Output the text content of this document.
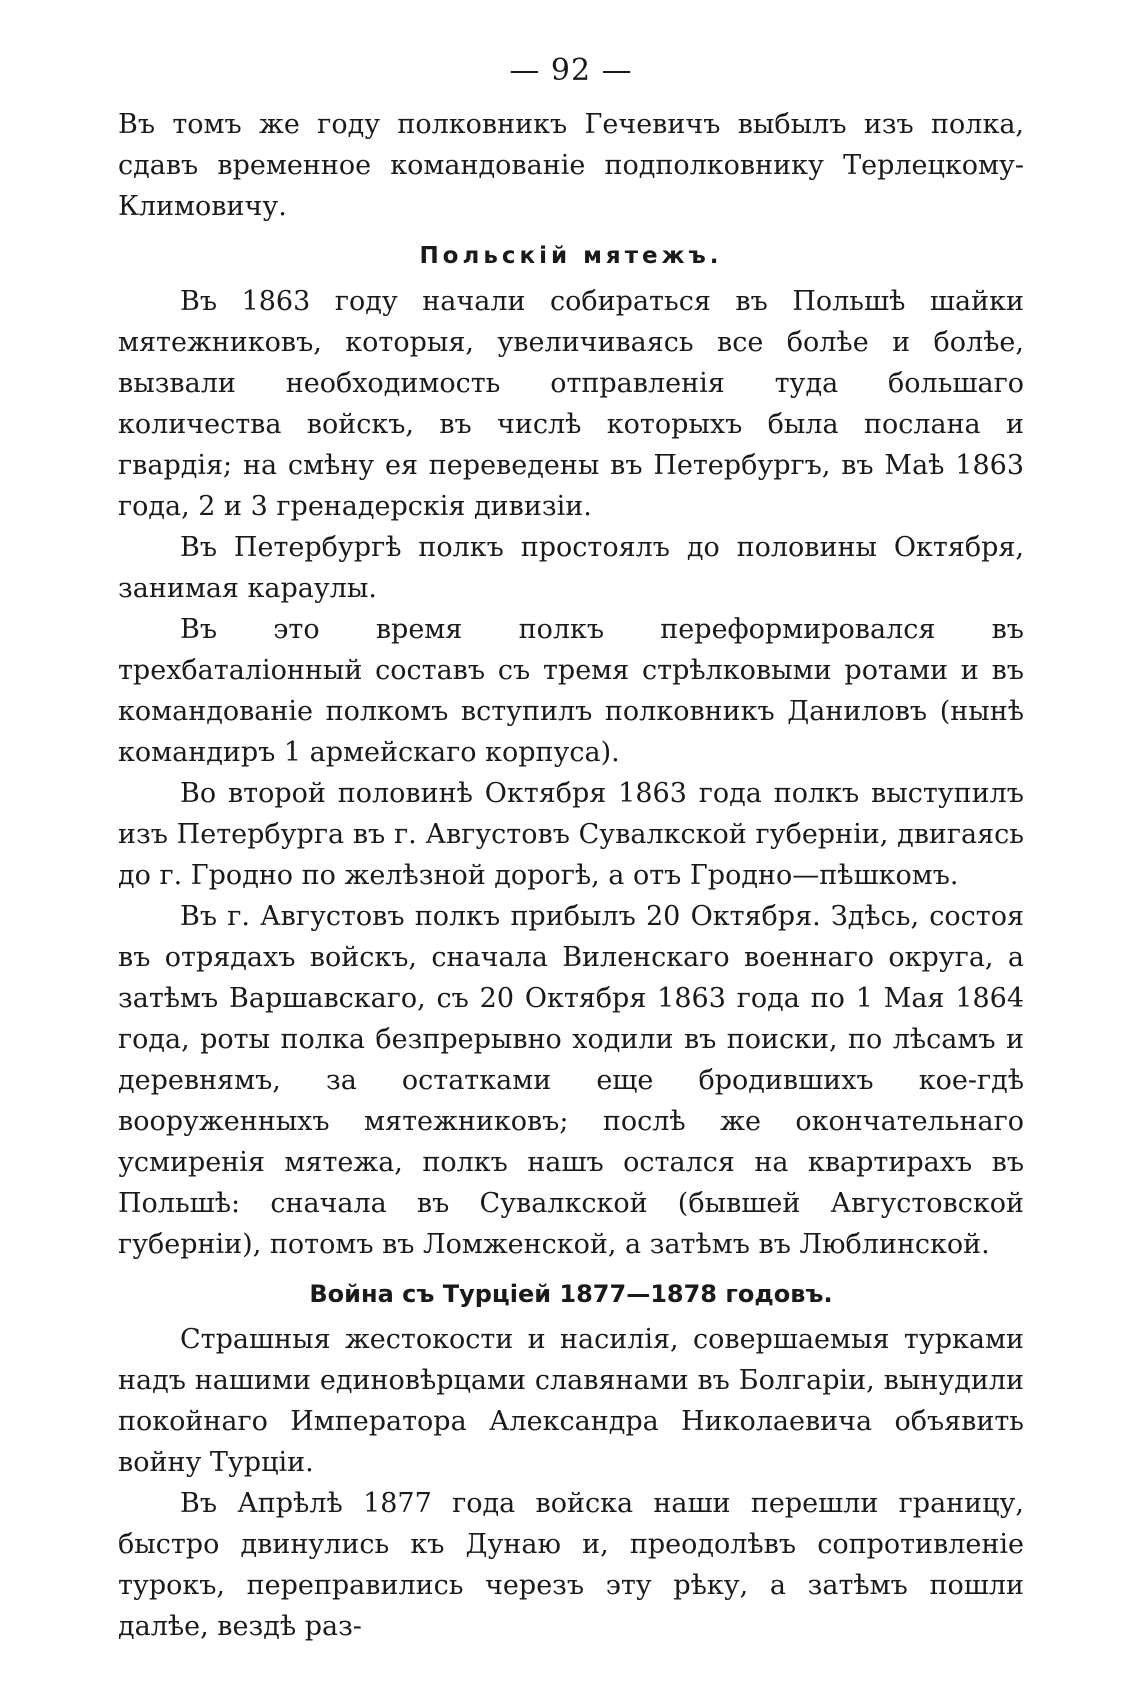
— 92 —

Въ томъ же году полковникъ Гечевичъ выбылъ изъ полка, сдавъ временное командованіе подполковнику Терлецкому-Климовичу.

Польскій мятежъ.

Въ 1863 году начали собираться въ Польшѣ шайки мятежниковъ, которыя, увеличиваясь все болѣе и болѣе, вызвали необходимость отправленія туда большаго количества войскъ, въ числѣ которыхъ была послана и гвардія; на смѣну ея переведены въ Петербургъ, въ Маѣ 1863 года, 2 и 3 гренадерскія дивизіи.

Въ Петербургѣ полкъ простоялъ до половины Октября, занимая караулы.

Въ это время полкъ переформировался въ трехбаталіонный составъ съ тремя стрѣлковыми ротами и въ командованіе полкомъ вступилъ полковникъ Даниловъ (нынѣ командиръ 1 армейскаго корпуса).

Во второй половинѣ Октября 1863 года полкъ выступилъ изъ Петербурга въ г. Августовъ Сувалкской губерніи, двигаясь до г. Гродно по желѣзной дорогѣ, а отъ Гродно—пѣшкомъ.

Въ г. Августовъ полкъ прибылъ 20 Октября. Здѣсь, состоя въ отрядахъ войскъ, сначала Виленскаго военнаго округа, а затѣмъ Варшавскаго, съ 20 Октября 1863 года по 1 Мая 1864 года, роты полка безпрерывно ходили въ поиски, по лѣсамъ и деревнямъ, за остатками еще бродившихъ кое-гдѣ вооруженныхъ мятежниковъ; послѣ же окончательнаго усмиренія мятежа, полкъ нашъ остался на квартирахъ въ Польшѣ: сначала въ Сувалкской (бывшей Августовской губерніи), потомъ въ Ломженской, а затѣмъ въ Люблинской.

Война съ Турціей 1877—1878 годовъ.

Страшныя жестокости и насилія, совершаемыя турками надъ нашими единовѣрцами славянами въ Болгаріи, вынудили покойнаго Императора Александра Николаевича объявить войну Турціи.

Въ Апрѣлѣ 1877 года войска наши перешли границу, быстро двинулись къ Дунаю и, преодолѣвъ сопротивленіе турокъ, переправились черезъ эту рѣку, а затѣмъ пошли далѣе, вездѣ раз-
